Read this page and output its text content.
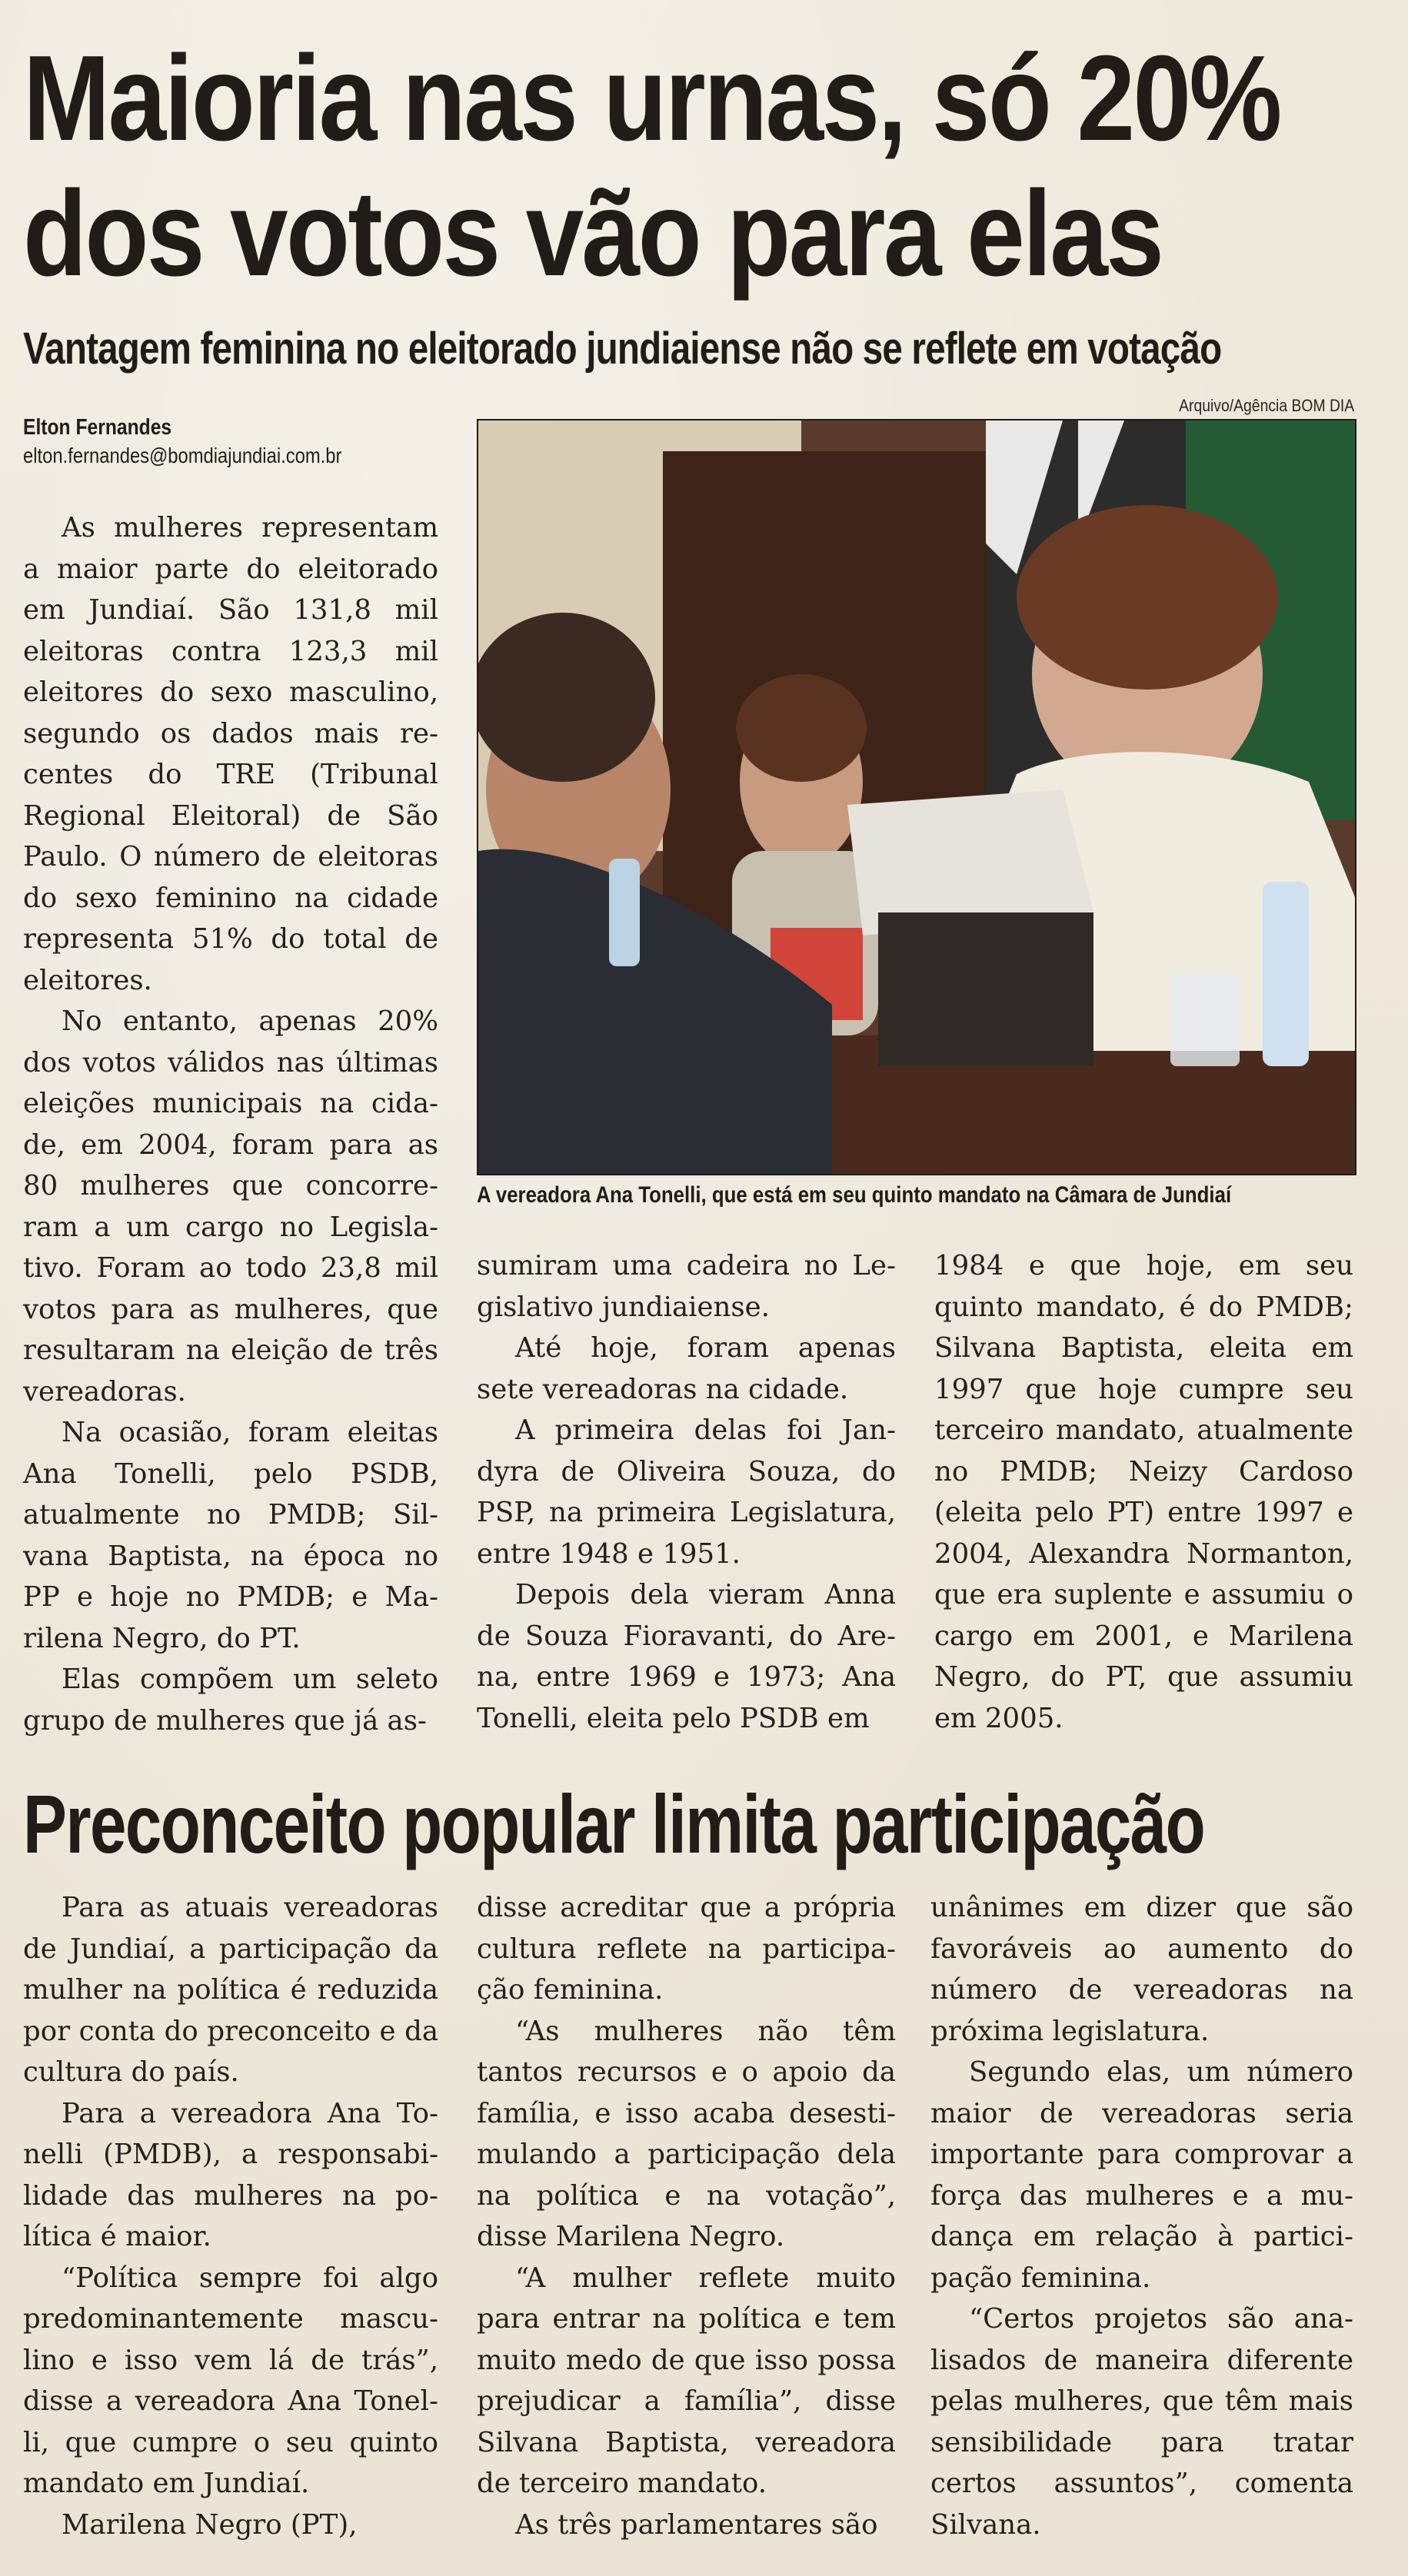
Maioria nas urnas, só 20%
dos votos vão para elas
Vantagem feminina no eleitorado jundiaiense não se reflete em votação
Arquivo/Agência BOM DIA
Elton Fernandes
elton.fernandes@bomdiajundiai.com.br
A vereadora Ana Tonelli, que está em seu quinto mandato na Câmara de Jundiaí

As mulheres representam a maior parte do eleitorado em Jundiaí. São 131,8 mil eleitoras contra 123,3 mil eleitores do sexo masculino, segundo os dados mais recentes do TRE (Tribunal Regional Eleitoral) de São Paulo. O número de eleitoras do sexo feminino na cidade representa 51% do total de eleitores.

No entanto, apenas 20% dos votos válidos nas últimas eleições municipais na cidade, em 2004, foram para as 80 mulheres que concorreram a um cargo no Legislativo. Foram ao todo 23,8 mil votos para as mulheres, que resultaram na eleição de três vereadoras.

Na ocasião, foram eleitas Ana Tonelli, pelo PSDB, atualmente no PMDB; Silvana Baptista, na época no PP e hoje no PMDB; e Marilena Negro, do PT.

Elas compõem um seleto grupo de mulheres que já as-

sumiram uma cadeira no Legislativo jundiaiense.

Até hoje, foram apenas sete vereadoras na cidade.

A primeira delas foi Jandyra de Oliveira Souza, do PSP, na primeira Legislatura, entre 1948 e 1951.

Depois dela vieram Anna de Souza Fioravanti, do Arena, entre 1969 e 1973; Ana Tonelli, eleita pelo PSDB em

1984 e que hoje, em seu quinto mandato, é do PMDB; Silvana Baptista, eleita em 1997 que hoje cumpre seu terceiro mandato, atualmente no PMDB; Neizy Cardoso (eleita pelo PT) entre 1997 e 2004, Alexandra Normanton, que era suplente e assumiu o cargo em 2001, e Marilena Negro, do PT, que assumiu em 2005.

Preconceito popular limita participação

Para as atuais vereadoras de Jundiaí, a participação da mulher na política é reduzida por conta do preconceito e da cultura do país.

Para a vereadora Ana Tonelli (PMDB), a responsabilidade das mulheres na política é maior.

“Política sempre foi algo predominantemente masculino e isso vem lá de trás”, disse a vereadora Ana Tonelli, que cumpre o seu quinto mandato em Jundiaí.

Marilena Negro (PT),

disse acreditar que a própria cultura reflete na participação feminina.

“As mulheres não têm tantos recursos e o apoio da família, e isso acaba desestimulando a participação dela na política e na votação”, disse Marilena Negro.

“A mulher reflete muito para entrar na política e tem muito medo de que isso possa prejudicar a família”, disse Silvana Baptista, vereadora de terceiro mandato.

As três parlamentares são

unânimes em dizer que são favoráveis ao aumento do número de vereadoras na próxima legislatura.

Segundo elas, um número maior de vereadoras seria importante para comprovar a força das mulheres e a mudança em relação à participação feminina.

“Certos projetos são analisados de maneira diferente pelas mulheres, que têm mais sensibilidade para tratar certos assuntos”, comenta Silvana.
